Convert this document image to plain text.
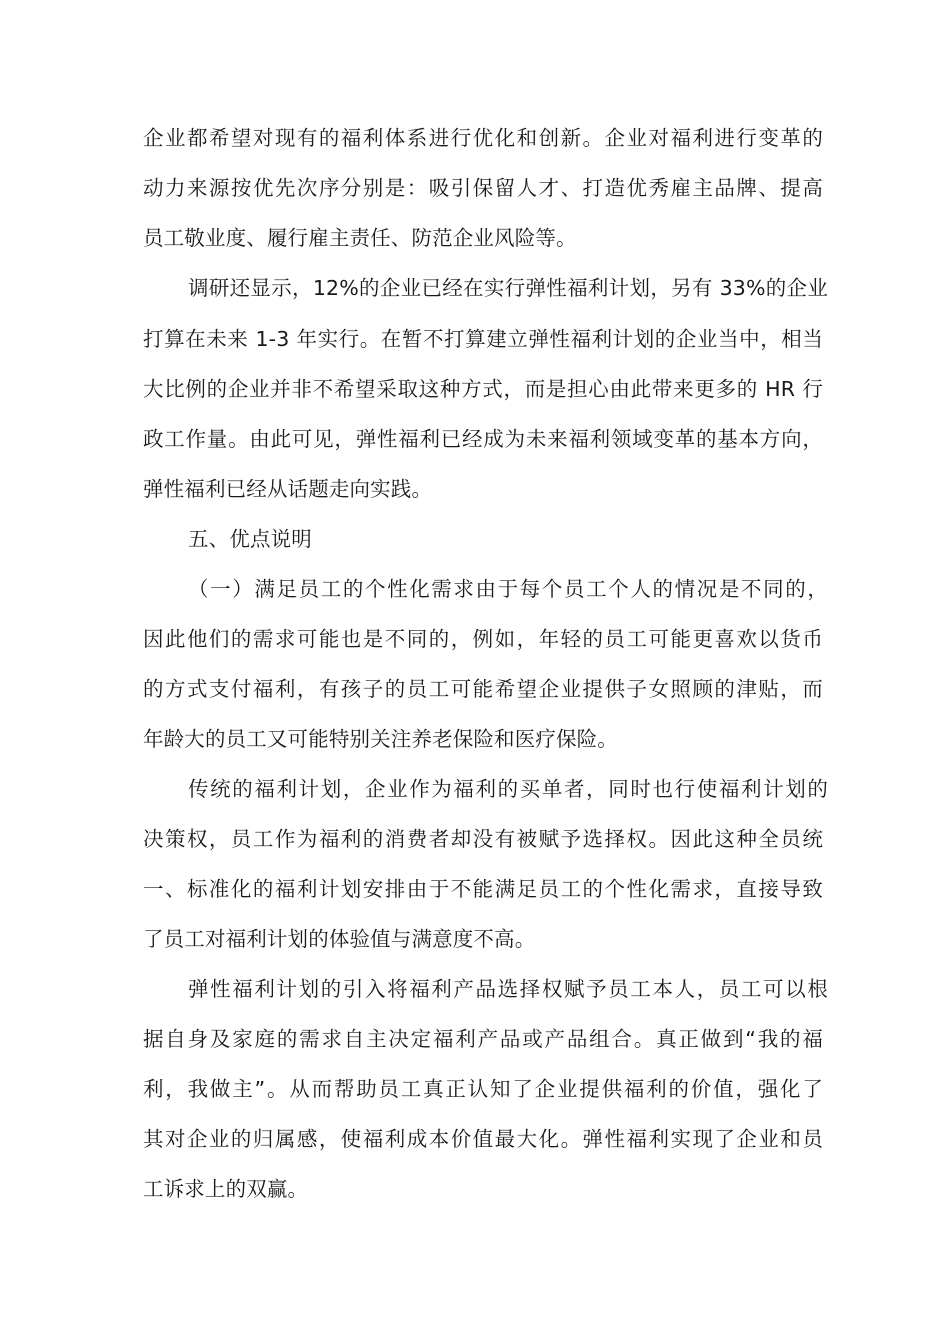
企业都希望对现有的福利体系进行优化和创新。企业对福利进行变革的
动力来源按优先次序分别是：吸引保留人才、打造优秀雇主品牌、提高
员工敬业度、履行雇主责任、防范企业风险等。
调研还显示，12%的企业已经在实行弹性福利计划，另有 33%的企业
打算在未来 1-3 年实行。在暂不打算建立弹性福利计划的企业当中，相当
大比例的企业并非不希望采取这种方式，而是担心由此带来更多的 HR 行
政工作量。由此可见，弹性福利已经成为未来福利领域变革的基本方向，
弹性福利已经从话题走向实践。
五、优点说明
（一）满足员工的个性化需求由于每个员工个人的情况是不同的，
因此他们的需求可能也是不同的，例如，年轻的员工可能更喜欢以货币
的方式支付福利，有孩子的员工可能希望企业提供子女照顾的津贴，而
年龄大的员工又可能特别关注养老保险和医疗保险。
传统的福利计划，企业作为福利的买单者，同时也行使福利计划的
决策权，员工作为福利的消费者却没有被赋予选择权。因此这种全员统
一、标准化的福利计划安排由于不能满足员工的个性化需求，直接导致
了员工对福利计划的体验值与满意度不高。
弹性福利计划的引入将福利产品选择权赋予员工本人，员工可以根
据自身及家庭的需求自主决定福利产品或产品组合。真正做到“我的福
利，我做主”。从而帮助员工真正认知了企业提供福利的价值，强化了
其对企业的归属感，使福利成本价值最大化。弹性福利实现了企业和员
工诉求上的双赢。
